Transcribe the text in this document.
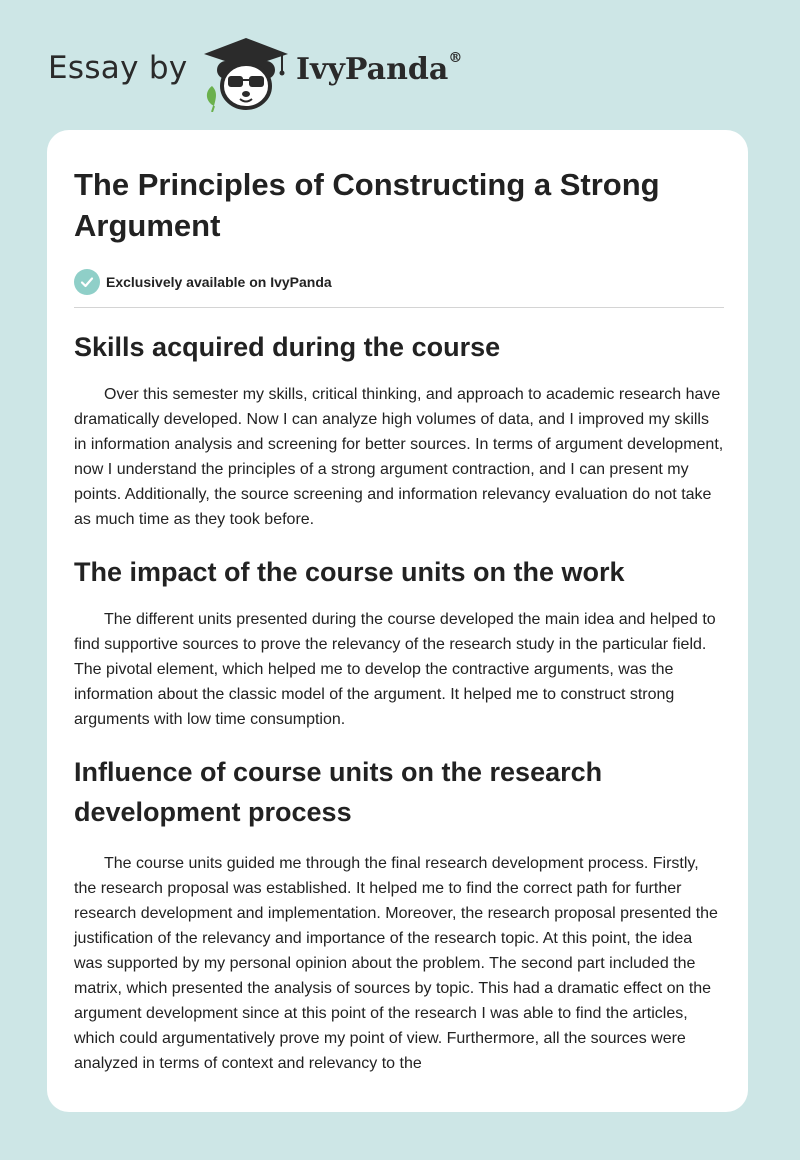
Essay by	IvyPanda®
The Principles of Constructing a Strong Argument
Exclusively available on IvyPanda
Skills acquired during the course

Over this semester my skills, critical thinking, and approach to academic research have dramatically developed. Now I can analyze high volumes of data, and I improved my skills in information analysis and screening for better sources. In terms of argument development, now I understand the principles of a strong argument contraction, and I can present my points. Additionally, the source screening and information relevancy evaluation do not take as much time as they took before.

The impact of the course units on the work

The different units presented during the course developed the main idea and helped to find supportive sources to prove the relevancy of the research study in the particular field. The pivotal element, which helped me to develop the contractive arguments, was the information about the classic model of the argument. It helped me to construct strong arguments with low time consumption.

Influence of course units on the research development process

The course units guided me through the final research development process. Firstly, the research proposal was established. It helped me to find the correct path for further research development and implementation. Moreover, the research proposal presented the justification of the relevancy and importance of the research topic. At this point, the idea was supported by my personal opinion about the problem. The second part included the matrix, which presented the analysis of sources by topic. This had a dramatic effect on the argument development since at this point of the research I was able to find the articles, which could argumentatively prove my point of view. Furthermore, all the sources were analyzed in terms of context and relevancy to the
